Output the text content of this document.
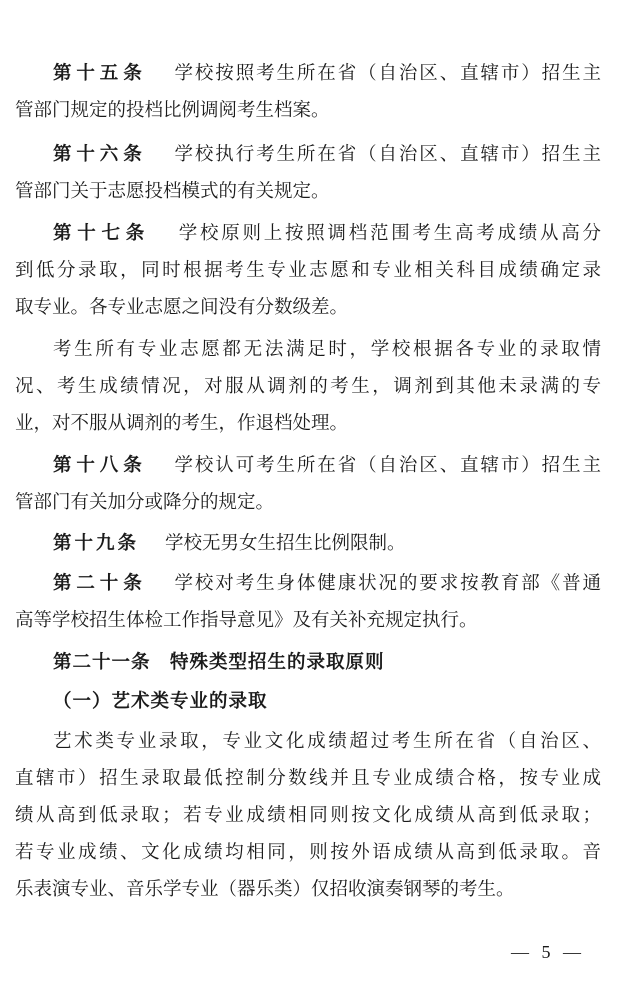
第十五条 学校按照考生所在省（自治区、直辖市）招生主
管部门规定的投档比例调阅考生档案。
第十六条 学校执行考生所在省（自治区、直辖市）招生主
管部门关于志愿投档模式的有关规定。
第十七条 学校原则上按照调档范围考生高考成绩从高分
到低分录取，同时根据考生专业志愿和专业相关科目成绩确定录
取专业。各专业志愿之间没有分数级差。
考生所有专业志愿都无法满足时，学校根据各专业的录取情
况、考生成绩情况，对服从调剂的考生，调剂到其他未录满的专
业，对不服从调剂的考生，作退档处理。
第十八条 学校认可考生所在省（自治区、直辖市）招生主
管部门有关加分或降分的规定。
第十九条 学校无男女生招生比例限制。
第二十条 学校对考生身体健康状况的要求按教育部《普通
高等学校招生体检工作指导意见》及有关补充规定执行。
第二十一条　特殊类型招生的录取原则
（一）艺术类专业的录取
艺术类专业录取，专业文化成绩超过考生所在省（自治区、
直辖市）招生录取最低控制分数线并且专业成绩合格，按专业成
绩从高到低录取；若专业成绩相同则按文化成绩从高到低录取；
若专业成绩、文化成绩均相同，则按外语成绩从高到低录取。音
乐表演专业、音乐学专业（器乐类）仅招收演奏钢琴的考生。
— 5 —
